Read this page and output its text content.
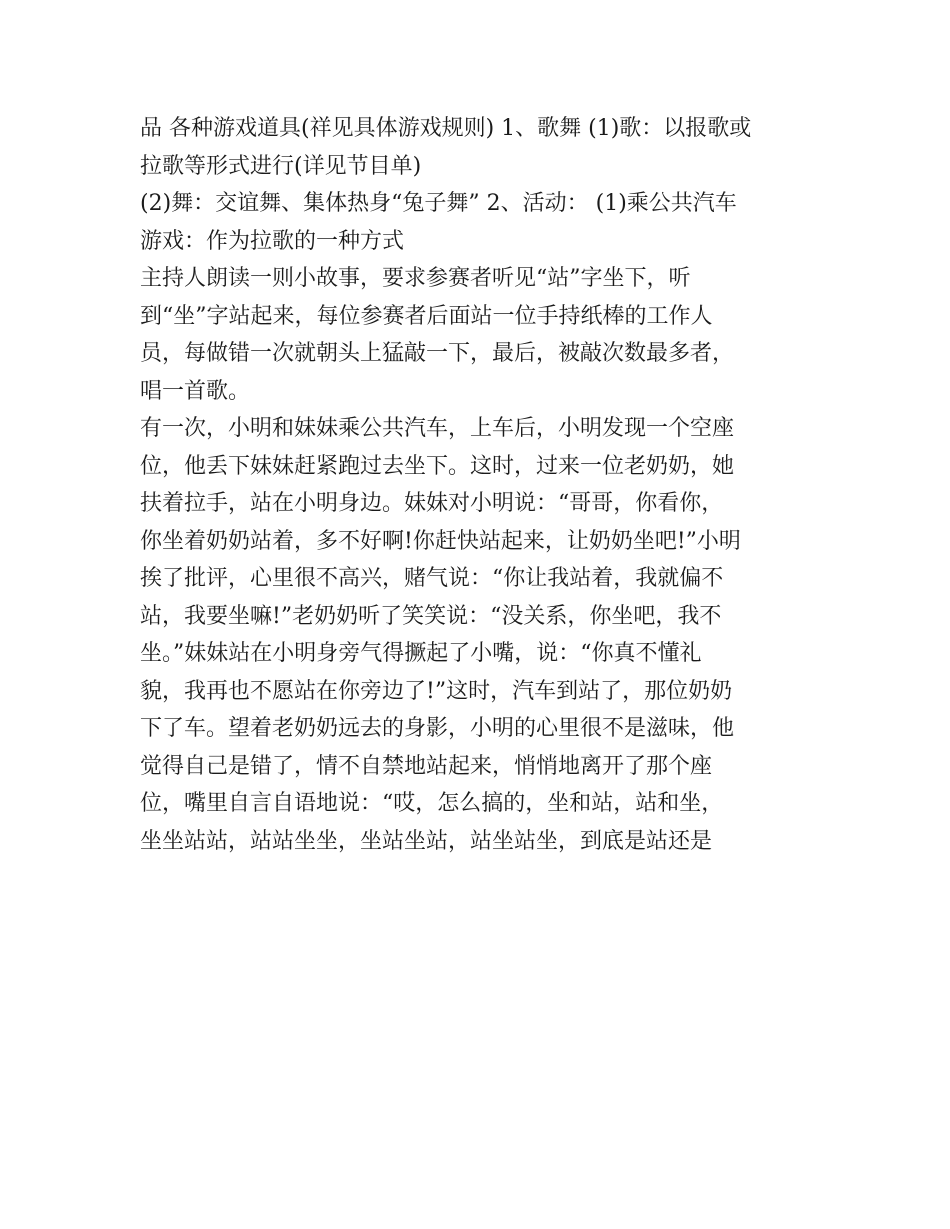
品 各种游戏道具(祥见具体游戏规则) 1、歌舞 (1)歌：以报歌或
拉歌等形式进行(详见节目单)
(2)舞：交谊舞、集体热身“兔子舞” 2、活动： (1)乘公共汽车
游戏：作为拉歌的一种方式
主持人朗读一则小故事，要求参赛者听见“站”字坐下，听
到“坐”字站起来，每位参赛者后面站一位手持纸棒的工作人
员，每做错一次就朝头上猛敲一下，最后，被敲次数最多者，
唱一首歌。
有一次，小明和妹妹乘公共汽车，上车后，小明发现一个空座
位，他丢下妹妹赶紧跑过去坐下。这时，过来一位老奶奶，她
扶着拉手，站在小明身边。妹妹对小明说：“哥哥，你看你，
你坐着奶奶站着，多不好啊!你赶快站起来，让奶奶坐吧!”小明
挨了批评，心里很不高兴，赌气说：“你让我站着，我就偏不
站，我要坐嘛!”老奶奶听了笑笑说：“没关系，你坐吧，我不
坐。”妹妹站在小明身旁气得撅起了小嘴，说：“你真不懂礼
貌，我再也不愿站在你旁边了!”这时，汽车到站了，那位奶奶
下了车。望着老奶奶远去的身影，小明的心里很不是滋味，他
觉得自己是错了，情不自禁地站起来，悄悄地离开了那个座
位，嘴里自言自语地说：“哎，怎么搞的，坐和站，站和坐，
坐坐站站，站站坐坐，坐站坐站，站坐站坐，到底是站还是
